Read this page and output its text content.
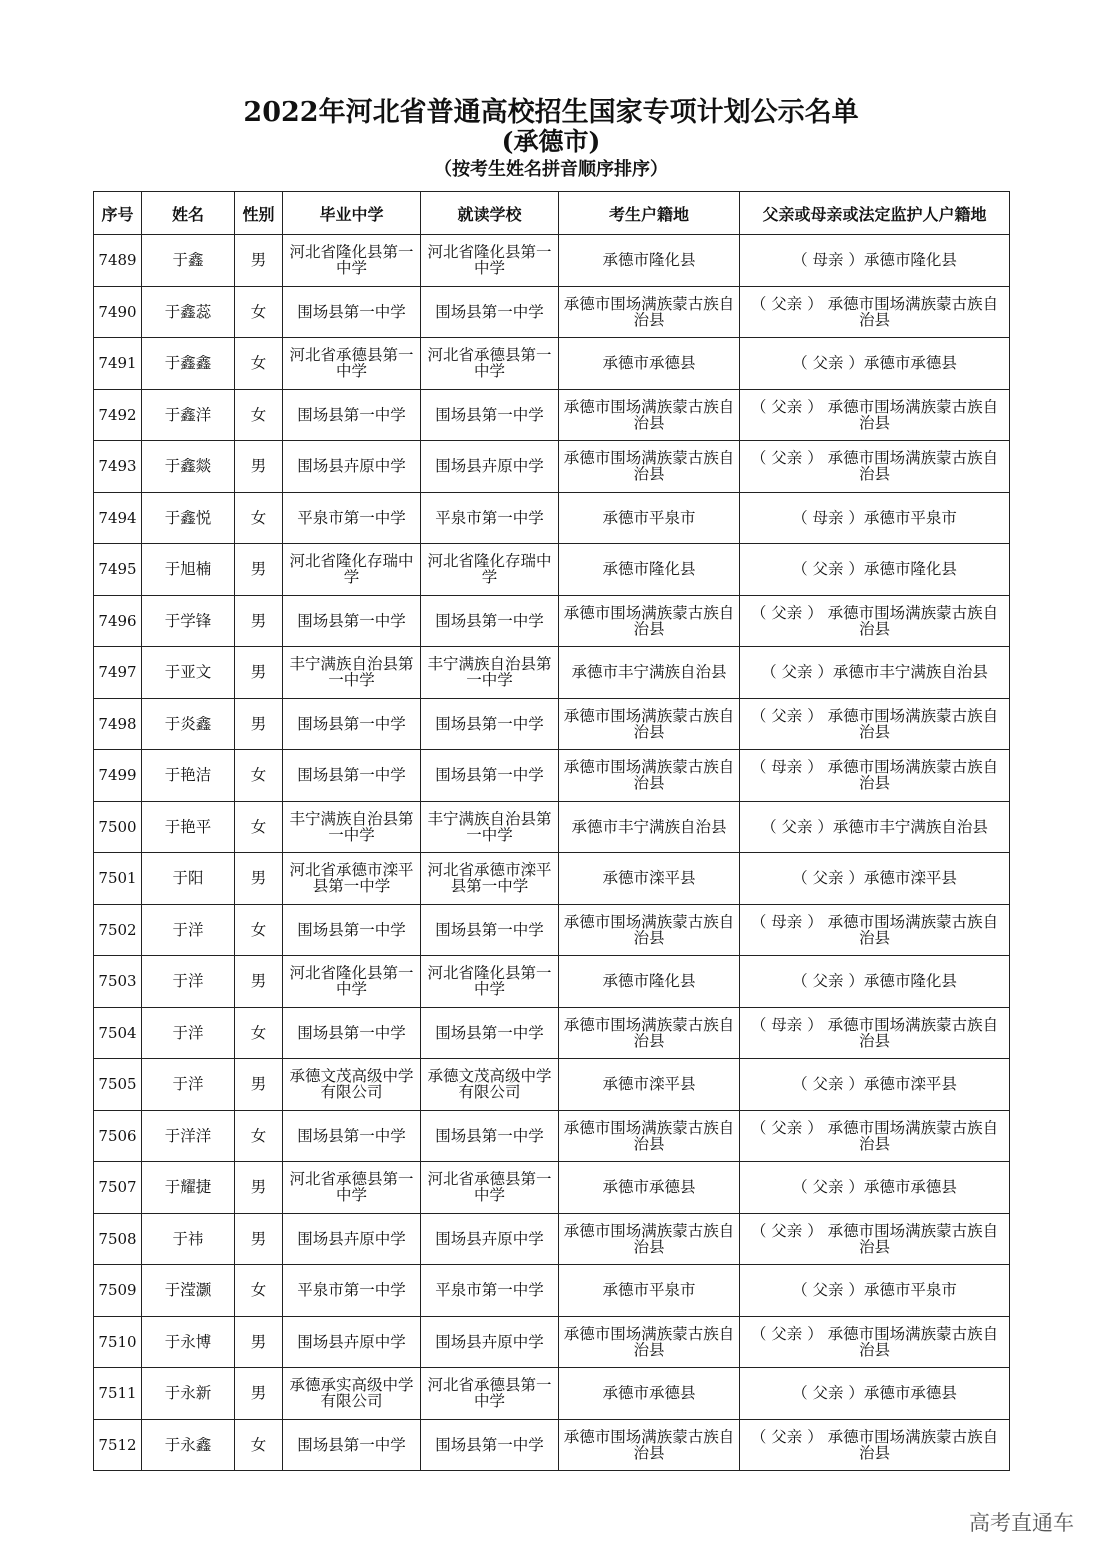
2022年河北省普通高校招生国家专项计划公示名单
(承德市)
（按考生姓名拼音顺序排序）
序号	姓名	性别	毕业中学	就读学校	考生户籍地	父亲或母亲或法定监护人户籍地
7489	于鑫	男	河北省隆化县第一中学	河北省隆化县第一中学	承德市隆化县	（ 母亲 ）承德市隆化县
7490	于鑫蕊	女	围场县第一中学	围场县第一中学	承德市围场满族蒙古族自治县	（ 父亲 ） 承德市围场满族蒙古族自治县
7491	于鑫鑫	女	河北省承德县第一中学	河北省承德县第一中学	承德市承德县	（ 父亲 ）承德市承德县
7492	于鑫洋	女	围场县第一中学	围场县第一中学	承德市围场满族蒙古族自治县	（ 父亲 ） 承德市围场满族蒙古族自治县
7493	于鑫燚	男	围场县卉原中学	围场县卉原中学	承德市围场满族蒙古族自治县	（ 父亲 ） 承德市围场满族蒙古族自治县
7494	于鑫悦	女	平泉市第一中学	平泉市第一中学	承德市平泉市	（ 母亲 ）承德市平泉市
7495	于旭楠	男	河北省隆化存瑞中学	河北省隆化存瑞中学	承德市隆化县	（ 父亲 ）承德市隆化县
7496	于学锋	男	围场县第一中学	围场县第一中学	承德市围场满族蒙古族自治县	（ 父亲 ） 承德市围场满族蒙古族自治县
7497	于亚文	男	丰宁满族自治县第一中学	丰宁满族自治县第一中学	承德市丰宁满族自治县	（ 父亲 ）承德市丰宁满族自治县
7498	于炎鑫	男	围场县第一中学	围场县第一中学	承德市围场满族蒙古族自治县	（ 父亲 ） 承德市围场满族蒙古族自治县
7499	于艳洁	女	围场县第一中学	围场县第一中学	承德市围场满族蒙古族自治县	（ 母亲 ） 承德市围场满族蒙古族自治县
7500	于艳平	女	丰宁满族自治县第一中学	丰宁满族自治县第一中学	承德市丰宁满族自治县	（ 父亲 ）承德市丰宁满族自治县
7501	于阳	男	河北省承德市滦平县第一中学	河北省承德市滦平县第一中学	承德市滦平县	（ 父亲 ）承德市滦平县
7502	于洋	女	围场县第一中学	围场县第一中学	承德市围场满族蒙古族自治县	（ 母亲 ） 承德市围场满族蒙古族自治县
7503	于洋	男	河北省隆化县第一中学	河北省隆化县第一中学	承德市隆化县	（ 父亲 ）承德市隆化县
7504	于洋	女	围场县第一中学	围场县第一中学	承德市围场满族蒙古族自治县	（ 母亲 ） 承德市围场满族蒙古族自治县
7505	于洋	男	承德文茂高级中学有限公司	承德文茂高级中学有限公司	承德市滦平县	（ 父亲 ）承德市滦平县
7506	于洋洋	女	围场县第一中学	围场县第一中学	承德市围场满族蒙古族自治县	（ 父亲 ） 承德市围场满族蒙古族自治县
7507	于耀捷	男	河北省承德县第一中学	河北省承德县第一中学	承德市承德县	（ 父亲 ）承德市承德县
7508	于祎	男	围场县卉原中学	围场县卉原中学	承德市围场满族蒙古族自治县	（ 父亲 ） 承德市围场满族蒙古族自治县
7509	于滢灏	女	平泉市第一中学	平泉市第一中学	承德市平泉市	（ 父亲 ）承德市平泉市
7510	于永博	男	围场县卉原中学	围场县卉原中学	承德市围场满族蒙古族自治县	（ 父亲 ） 承德市围场满族蒙古族自治县
7511	于永新	男	承德承实高级中学有限公司	河北省承德县第一中学	承德市承德县	（ 父亲 ）承德市承德县
7512	于永鑫	女	围场县第一中学	围场县第一中学	承德市围场满族蒙古族自治县	（ 父亲 ） 承德市围场满族蒙古族自治县
高考直通车
